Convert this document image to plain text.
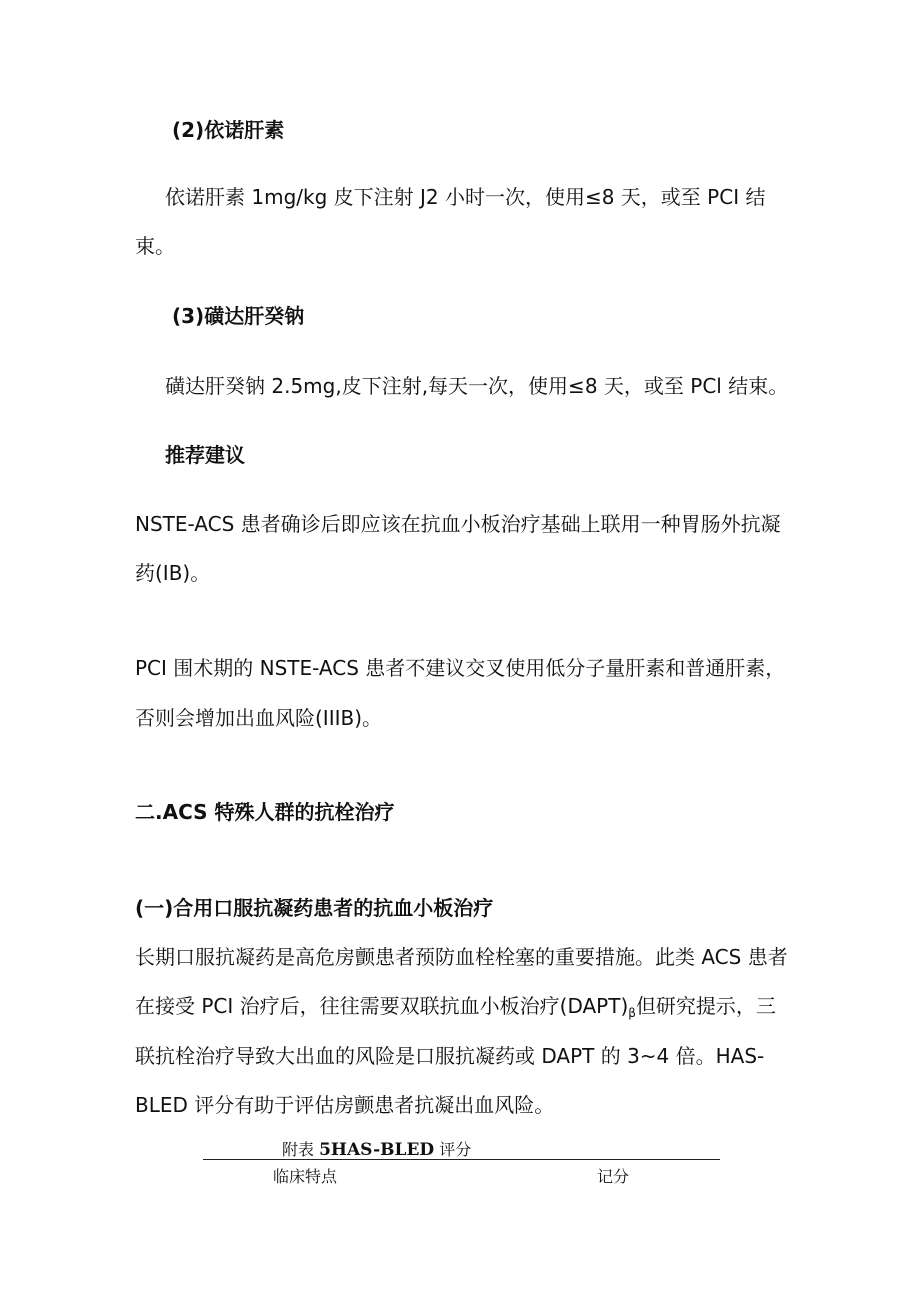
(2)依诺肝素
依诺肝素 1mg/kg 皮下注射 J2 小时一次，使用≤8 天，或至 PCI 结
束。
(3)磺达肝癸钠
磺达肝癸钠 2.5mg,皮下注射,每天一次，使用≤8 天，或至 PCl 结束。
推荐建议
NSTE-ACS 患者确诊后即应该在抗血小板治疗基础上联用一种胃肠外抗凝
药(IB)。
PCI 围术期的 NSTE-ACS 患者不建议交叉使用低分子量肝素和普通肝素，
否则会增加出血风险(IIIB)。
二.ACS 特殊人群的抗栓治疗
(一)合用口服抗凝药患者的抗血小板治疗
长期口服抗凝药是高危房颤患者预防血栓栓塞的重要措施。此类 ACS 患者
在接受 PCI 治疗后，往往需要双联抗血小板治疗$(DAPT)_\beta$但研究提示，三
联抗栓治疗导致大出血的风险是口服抗凝药或 DAPT 的 3~4 倍。HAS-
BLED 评分有助于评估房颤患者抗凝出血风险。
附表 5HAS-BLED 评分
临床特点	记分
